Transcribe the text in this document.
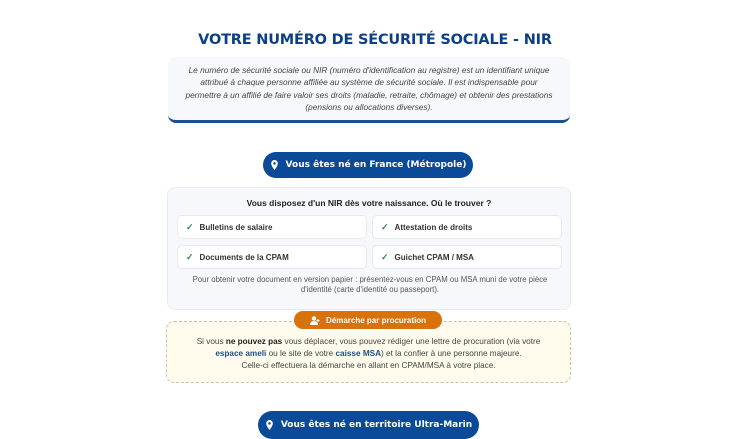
VOTRE NUMÉRO DE SÉCURITÉ SOCIALE - NIR
Le numéro de sécurité sociale ou NIR (numéro d'identification au registre) est un identifiant unique attribué à chaque personne affiliée au système de sécurité sociale. Il est indispensable pour permettre à un affilié de faire valoir ses droits (maladie, retraite, chômage) et obtenir des prestations (pensions ou allocations diverses).
Vous êtes né en France (Métropole)
Vous disposez d'un NIR dès votre naissance. Où le trouver ?
✓ Bulletins de salaire	✓ Attestation de droits
✓ Documents de la CPAM	✓ Guichet CPAM / MSA
Pour obtenir votre document en version papier : présentez-vous en CPAM ou MSA muni de votre pièce d'identité (carte d'identité ou passeport).
Si vous ne pouvez pas vous déplacer, vous pouvez rédiger une lettre de procuration (via votre
espace ameli ou le site de votre caisse MSA) et la confier à une personne majeure.
Celle-ci effectuera la démarche en allant en CPAM/MSA à votre place.
Démarche par procuration
Vous êtes né en territoire Ultra-Marin
